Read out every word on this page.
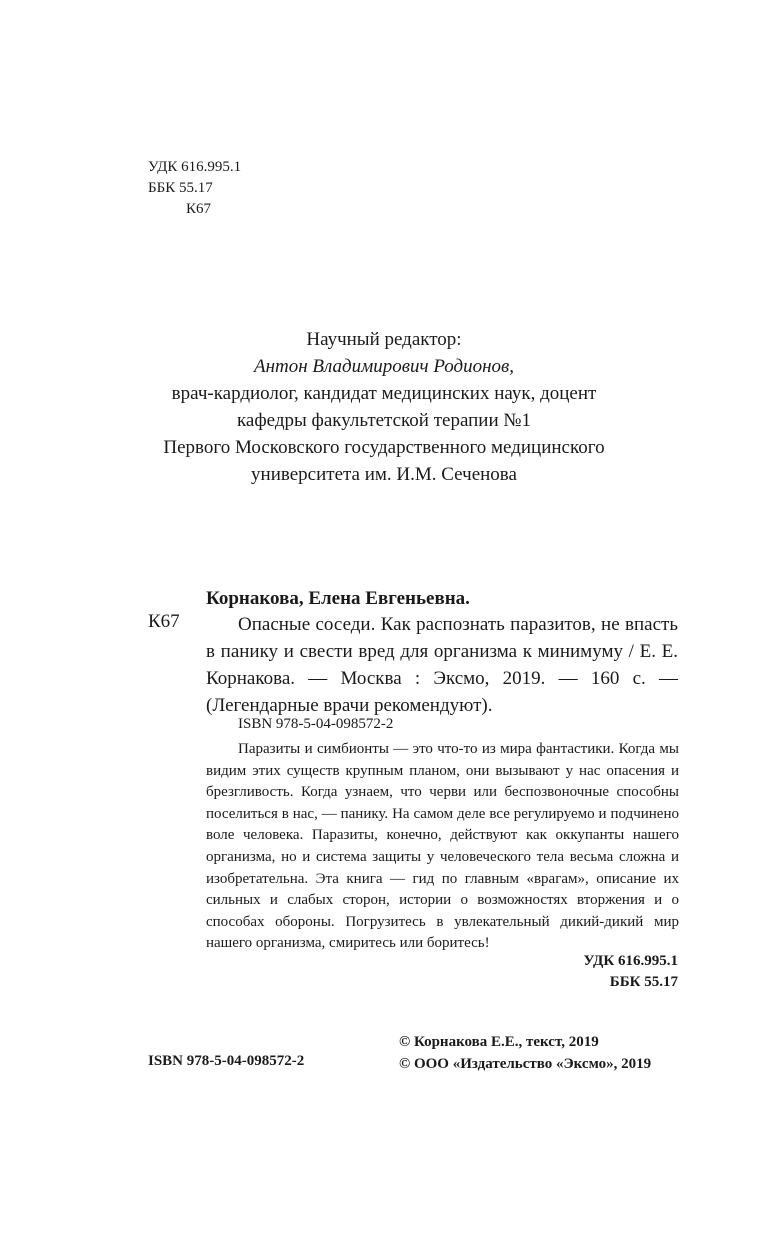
УДК 616.995.1
ББК 55.17
К67
Научный редактор:
Антон Владимирович Родионов,
врач-кардиолог, кандидат медицинских наук, доцент
кафедры факультетской терапии №1
Первого Московского государственного медицинского
университета им. И.М. Сеченова
Корнакова, Елена Евгеньевна.
К67	Опасные соседи. Как распознать паразитов, не впасть в панику и свести вред для организма к минимуму / Е. Е. Корнакова. — Москва : Эксмо, 2019. — 160 с. — (Легендарные врачи рекомендуют).

ISBN 978-5-04-098572-2

Паразиты и симбионты — это что-то из мира фантастики. Когда мы видим этих существ крупным планом, они вызывают у нас опасения и брезгливость. Когда узнаем, что черви или беспозвоночные способны поселиться в нас, — панику. На самом деле все регулируемо и подчинено воле человека. Паразиты, конечно, действуют как оккупанты нашего организма, но и система защиты у человеческого тела весьма сложна и изобретательна. Эта книга — гид по главным «врагам», описание их сильных и слабых сторон, истории о возможностях вторжения и о способах обороны. Погрузитесь в увлекательный дикий-дикий мир нашего организма, смиритесь или боритесь!

УДК 616.995.1
ББК 55.17
ISBN 978-5-04-098572-2
© Корнакова Е.Е., текст, 2019
© ООО «Издательство «Эксмо», 2019
